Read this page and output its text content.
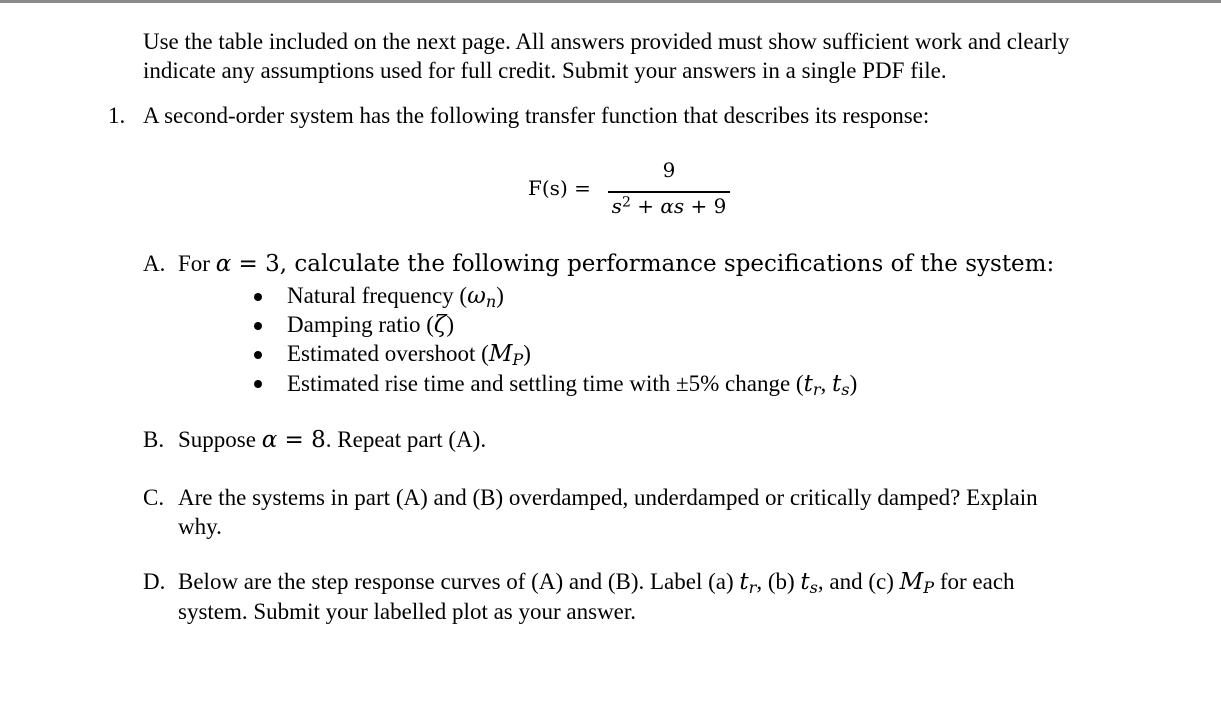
Use the table included on the next page. All answers provided must show sufficient work and clearly
indicate any assumptions used for full credit. Submit your answers in a single PDF file.
1. A second-order system has the following transfer function that describes its response:
F(s) =
9
$s^2 + \alpha s + 9$
A. For α = 3, calculate the following performance specifications of the system:
Natural frequency $(\omega_n)$
Damping ratio (ζ)
Estimated overshoot $(M_P)$
Estimated rise time and settling time with ±5% change ($t_r$, $t_s$)
B. Suppose α = 8. Repeat part (A).
C. Are the systems in part (A) and (B) overdamped, underdamped or critically damped? Explain
why.
D. Below are the step response curves of (A) and (B). Label (a) $t_r$, (b) $t_s$, and (c) $M_P$ for each
system. Submit your labelled plot as your answer.
